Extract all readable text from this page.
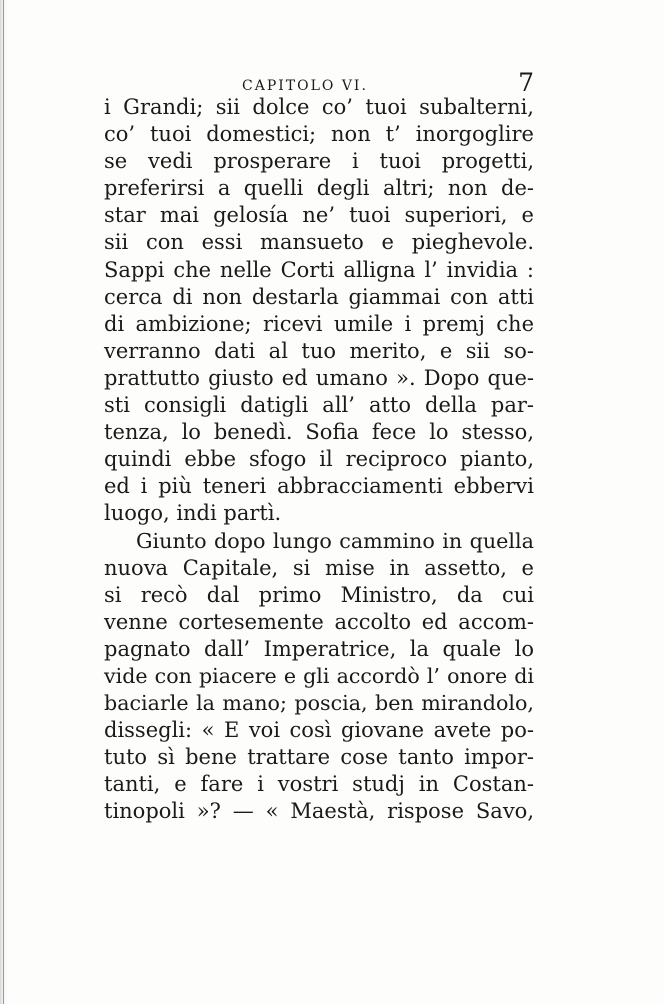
CAPITOLO VI.	7
i Grandi; sii dolce co’ tuoi subalterni,
co’ tuoi domestici; non t’ inorgoglire
se vedi prosperare i tuoi progetti,
preferirsi a quelli degli altri; non de-
star mai gelosía ne’ tuoi superiori, e
sii con essi mansueto e pieghevole.
Sappi che nelle Corti alligna l’ invidia :
cerca di non destarla giammai con atti
di ambizione; ricevi umile i premj che
verranno dati al tuo merito, e sii so-
prattutto giusto ed umano ». Dopo que-
sti consigli datigli all’ atto della par-
tenza, lo benedì. Sofia fece lo stesso,
quindi ebbe sfogo il reciproco pianto,
ed i più teneri abbracciamenti ebbervi
luogo, indi partì.
Giunto dopo lungo cammino in quella
nuova Capitale, si mise in assetto, e
si recò dal primo Ministro, da cui
venne cortesemente accolto ed accom-
pagnato dall’ Imperatrice, la quale lo
vide con piacere e gli accordò l’ onore di
baciarle la mano; poscia, ben mirandolo,
dissegli: « E voi così giovane avete po-
tuto sì bene trattare cose tanto impor-
tanti, e fare i vostri studj in Costan-
tinopoli »? — « Maestà, rispose Savo,
